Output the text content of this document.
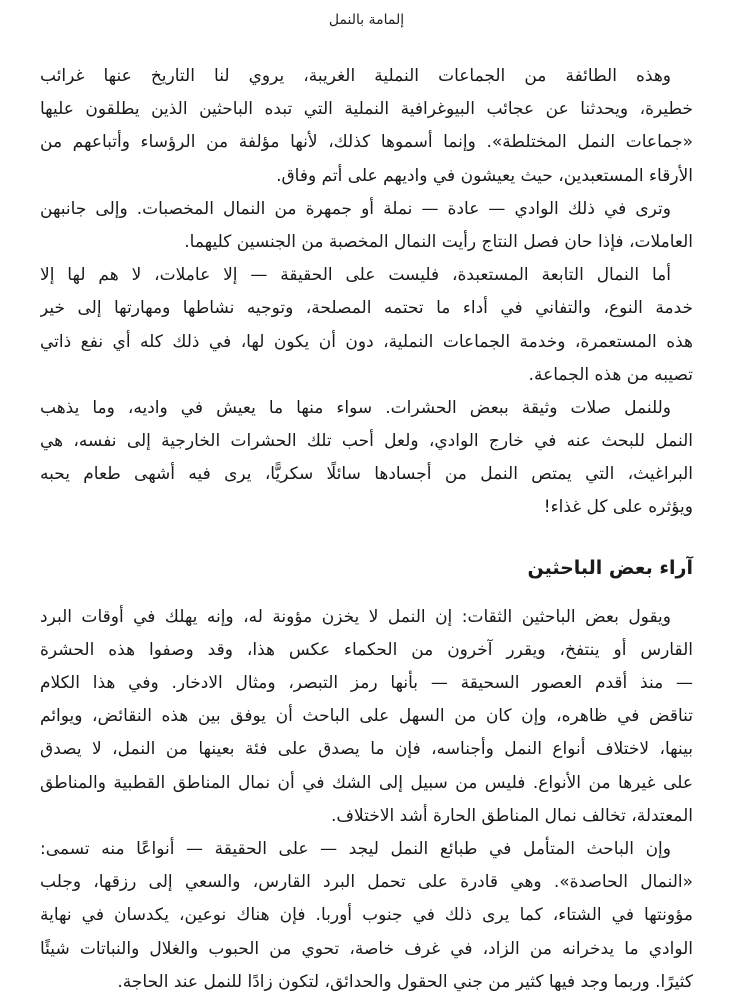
إلمامة بالنمل

وهذه الطائفة من الجماعات النملية الغريبة، يروي لنا التاريخ عنها غرائب
خطيرة، ويحدثنا عن عجائب البيوغرافية النملية التي تبده الباحثين الذين يطلقون عليها
«جماعات النمل المختلطة». وإنما أسموها كذلك، لأنها مؤلفة من الرؤساء وأتباعهم من
الأرقاء المستعبدين، حيث يعيشون في واديهم على أتم وفاق.

وترى في ذلك الوادي — عادة — نملة أو جمهرة من النمال المخصبات. وإلى جانبهن
العاملات، فإذا حان فصل النتاج رأيت النمال المخصبة من الجنسين كليهما.

أما النمال التابعة المستعبدة، فليست على الحقيقة — إلا عاملات، لا هم لها إلا
خدمة النوع، والتفاني في أداء ما تحتمه المصلحة، وتوجيه نشاطها ومهارتها إلى خير
هذه المستعمرة، وخدمة الجماعات النملية، دون أن يكون لها، في ذلك كله أي نفع ذاتي
تصيبه من هذه الجماعة.

وللنمل صلات وثيقة ببعض الحشرات. سواء منها ما يعيش في واديه، وما يذهب
النمل للبحث عنه في خارج الوادي، ولعل أحب تلك الحشرات الخارجية إلى نفسه، هي
البراغيث، التي يمتص النمل من أجسادها سائلًا سكريًّا، يرى فيه أشهى طعام يحبه
ويؤثره على كل غذاء!

آراء بعض الباحثين

ويقول بعض الباحثين الثقات: إن النمل لا يخزن مؤونة له، وإنه يهلك في أوقات البرد
القارس أو ينتفخ، ويقرر آخرون من الحكماء عكس هذا، وقد وصفوا هذه الحشرة
— منذ أقدم العصور السحيقة — بأنها رمز التبصر، ومثال الادخار. وفي هذا الكلام
تناقض في ظاهره، وإن كان من السهل على الباحث أن يوفق بين هذه النقائض، ويوائم
بينها، لاختلاف أنواع النمل وأجناسه، فإن ما يصدق على فئة بعينها من النمل، لا يصدق
على غيرها من الأنواع. فليس من سبيل إلى الشك في أن نمال المناطق القطبية والمناطق
المعتدلة، تخالف نمال المناطق الحارة أشد الاختلاف.

وإن الباحث المتأمل في طبائع النمل ليجد — على الحقيقة — أنواعًا منه تسمى:
«النمال الحاصدة». وهي قادرة على تحمل البرد القارس، والسعي إلى رزقها، وجلب
مؤونتها في الشتاء، كما يرى ذلك في جنوب أوربا. فإن هناك نوعين، يكدسان في نهاية
الوادي ما يدخرانه من الزاد، في غرف خاصة، تحوي من الحبوب والغلال والنباتات شيئًا
كثيرًا. وربما وجد فيها كثير من جني الحقول والحدائق، لتكون زادًا للنمل عند الحاجة.
